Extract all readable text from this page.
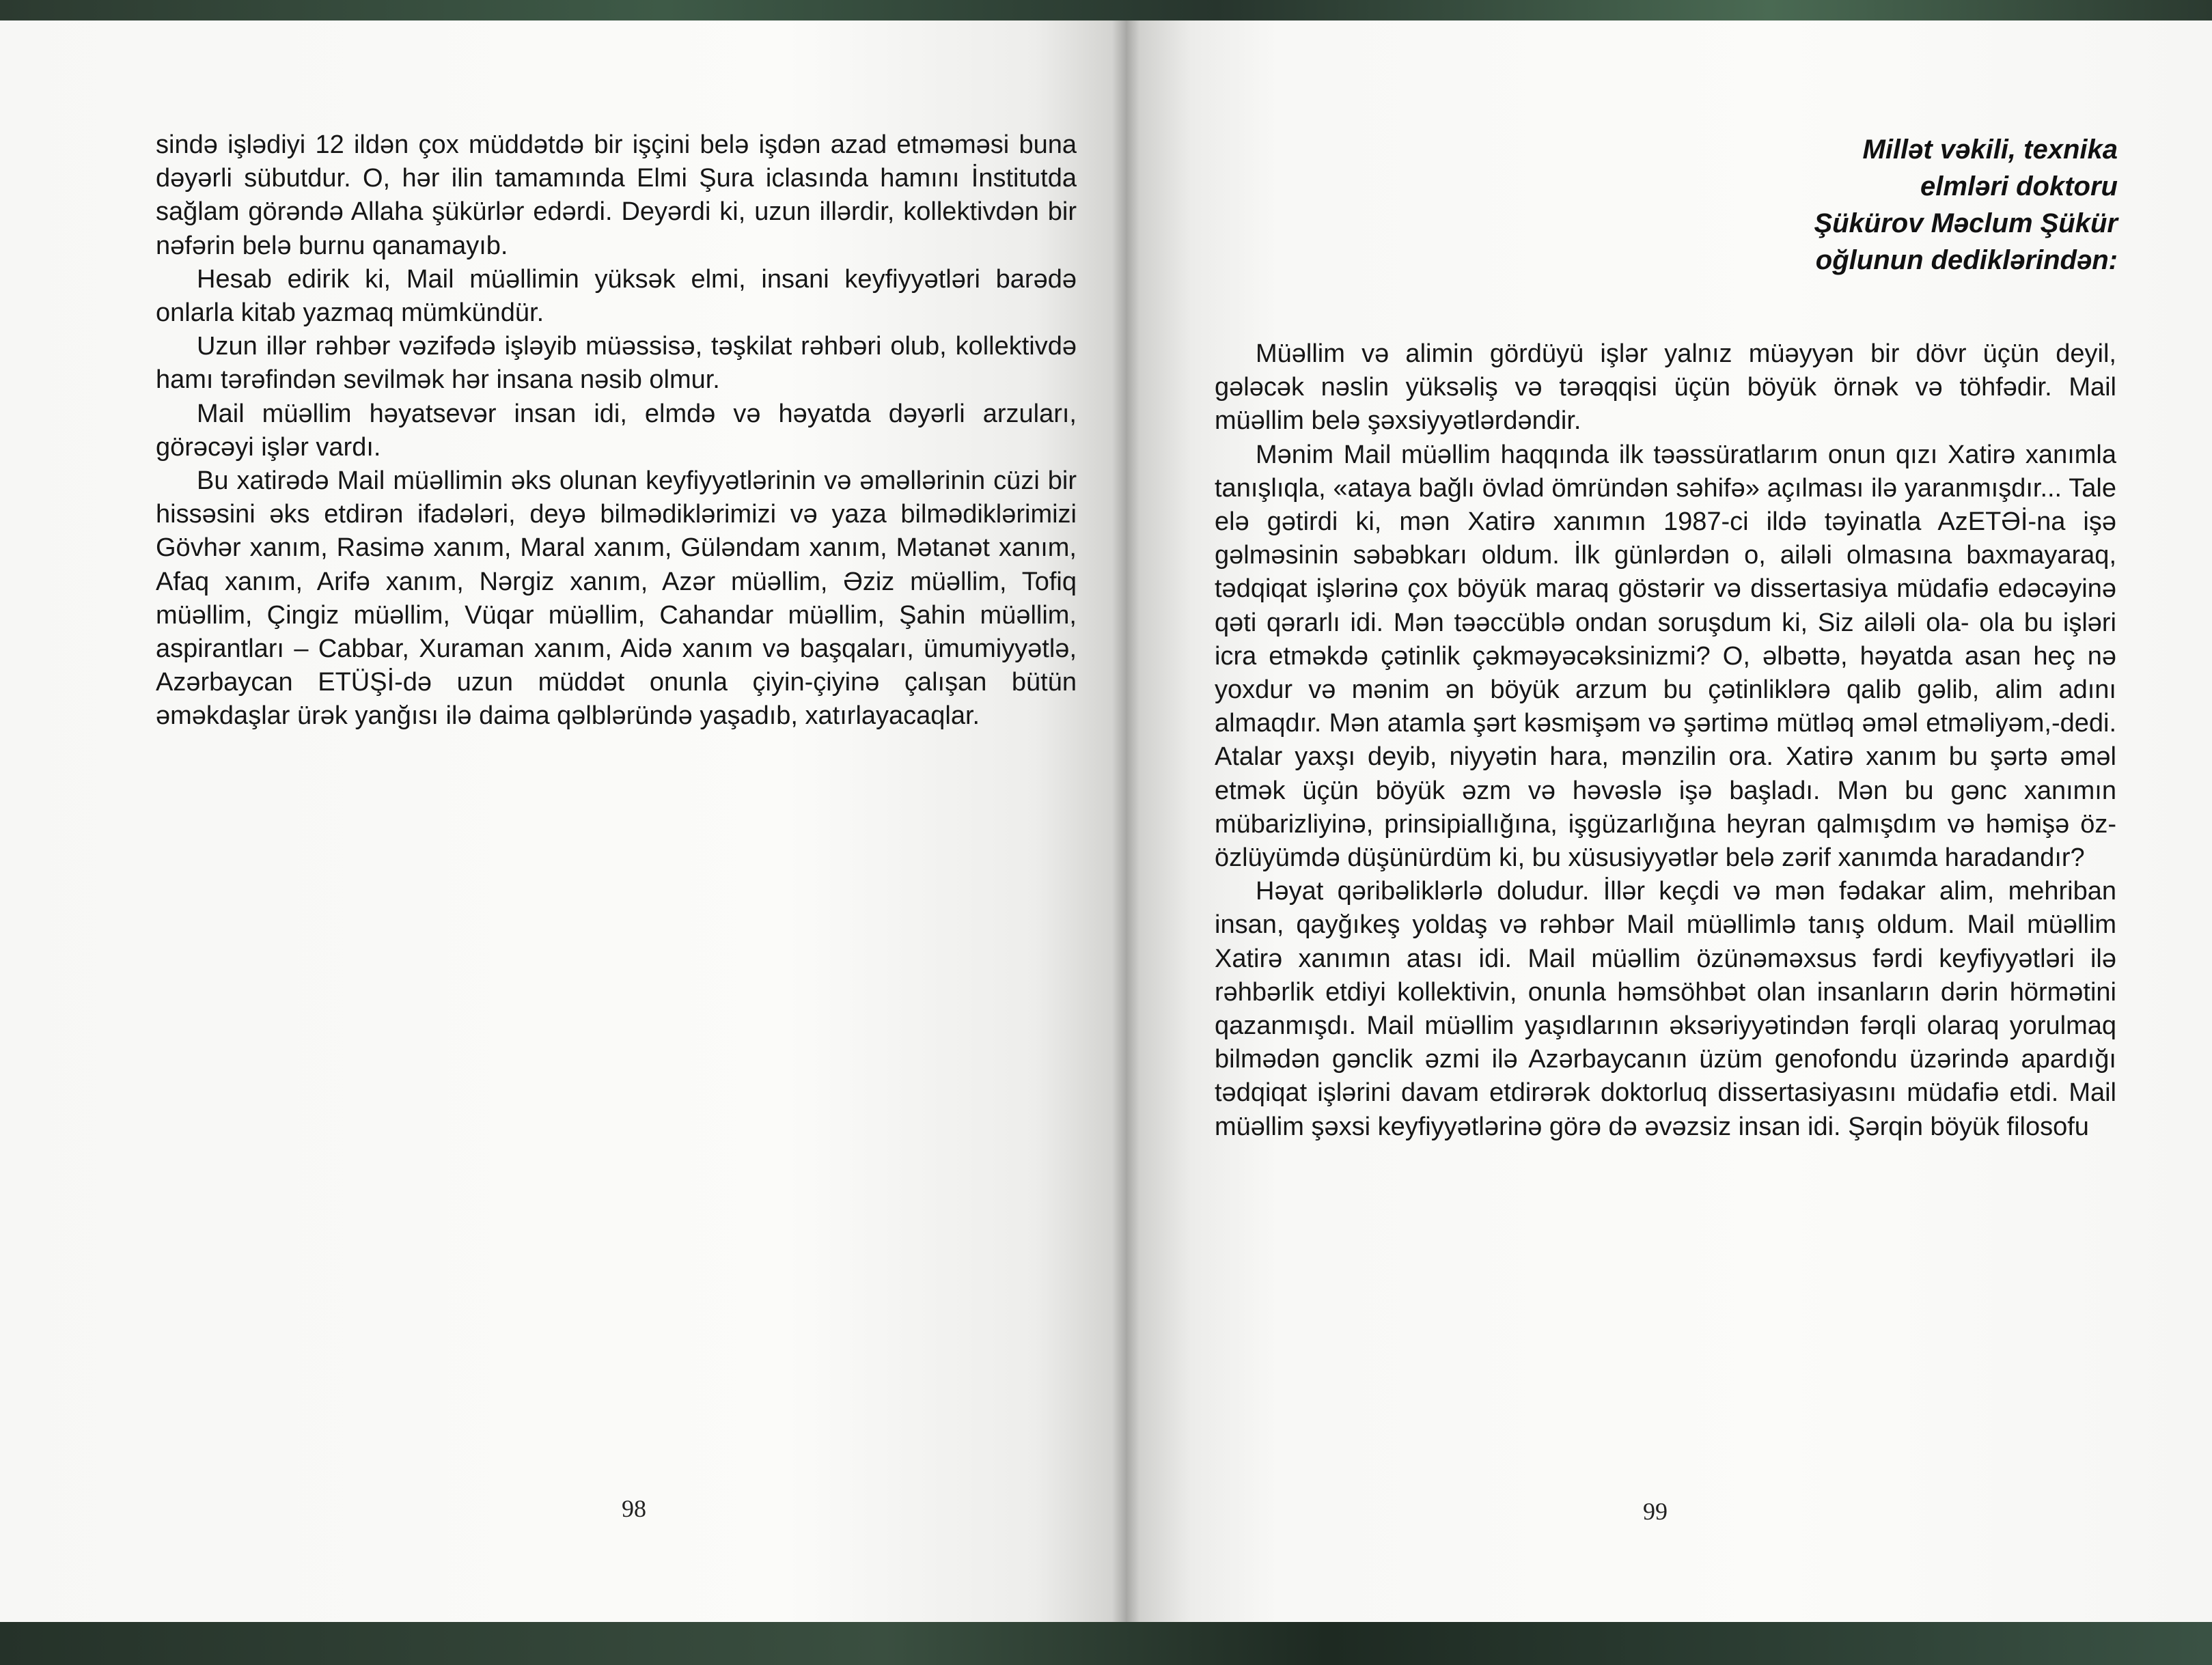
sində işlədiyi 12 ildən çox müddətdə bir işçini belə işdən azad etməməsi buna dəyərli sübutdur. O, hər ilin tamamında Elmi Şura iclasında hamını İnstitutda sağlam görəndə Allaha şükürlər edərdi. Deyərdi ki, uzun illərdir, kollektivdən bir nəfərin belə burnu qanamayıb.

Hesab edirik ki, Mail müəllimin yüksək elmi, insani keyfiyyətləri barədə onlarla kitab yazmaq mümkündür.

Uzun illər rəhbər vəzifədə işləyib müəssisə, təşkilat rəhbəri olub, kollektivdə hamı tərəfindən sevilmək hər insana nəsib olmur.

Mail müəllim həyatsevər insan idi, elmdə və həyatda dəyərli arzuları, görəcəyi işlər vardı.

Bu xatirədə Mail müəllimin əks olunan keyfiyyətlərinin və əməllərinin cüzi bir hissəsini əks etdirən ifadələri, deyə bilmədiklərimizi və yaza bilmədiklərimizi Gövhər xanım, Rasimə xanım, Maral xanım, Güləndam xanım, Mətanət xanım, Afaq xanım, Arifə xanım, Nərgiz xanım, Azər müəllim, Əziz müəllim, Tofiq müəllim, Çingiz müəllim, Vüqar müəllim, Cahandar müəllim, Şahin müəllim, aspirantları – Cabbar, Xuraman xanım, Aidə xanım və başqaları, ümumiyyətlə, Azərbaycan ETÜŞİ-də uzun müddət onunla çiyin-çiyinə çalışan bütün əməkdaşlar ürək yanğısı ilə daima qəlbləründə yaşadıb, xatırlayacaqlar.

98
Millət vəkili, texnika
elmləri doktoru
Şükürov Məclum Şükür
oğlunun dediklərindən:

Müəllim və alimin gördüyü işlər yalnız müəyyən bir dövr üçün deyil, gələcək nəslin yüksəliş və tərəqqisi üçün böyük örnək və töhfədir. Mail müəllim belə şəxsiyyətlərdəndir.

Mənim Mail müəllim haqqında ilk təəssüratlarım onun qızı Xatirə xanımla tanışlıqla, «ataya bağlı övlad ömründən səhifə» açılması ilə yaranmışdır... Tale elə gətirdi ki, mən Xatirə xanımın 1987-ci ildə təyinatla AzETƏİ-na işə gəlməsinin səbəbkarı oldum. İlk günlərdən o, ailəli olmasına baxmayaraq, tədqiqat işlərinə çox böyük maraq göstərir və dissertasiya müdafiə edəcəyinə qəti qərarlı idi. Mən təəccüblə ondan soruşdum ki, Siz ailəli ola- ola bu işləri icra etməkdə çətinlik çəkməyəcəksinizmi? O, əlbəttə, həyatda asan heç nə yoxdur və mənim ən böyük arzum bu çətinliklərə qalib gəlib, alim adını almaqdır. Mən atamla şərt kəsmişəm və şərtimə mütləq əməl etməliyəm,-dedi. Atalar yaxşı deyib, niyyətin hara, mənzilin ora. Xatirə xanım bu şərtə əməl etmək üçün böyük əzm və həvəslə işə başladı. Mən bu gənc xanımın mübarizliyinə, prinsipiallığına, işgüzarlığına heyran qalmışdım və həmişə öz-özlüyümdə düşünürdüm ki, bu xüsusiyyətlər belə zərif xanımda haradandır?

Həyat qəribəliklərlə doludur. İllər keçdi və mən fədakar alim, mehriban insan, qayğıkeş yoldaş və rəhbər Mail müəllimlə tanış oldum. Mail müəllim Xatirə xanımın atası idi. Mail müəllim özünəməxsus fərdi keyfiyyətləri ilə rəhbərlik etdiyi kollektivin, onunla həmsöhbət olan insanların dərin hörmətini qazanmışdı. Mail müəllim yaşıdlarının əksəriyyətindən fərqli olaraq yorulmaq bilmədən gənclik əzmi ilə Azərbaycanın üzüm genofondu üzərində apardığı tədqiqat işlərini davam etdirərək doktorluq dissertasiyasını müdafiə etdi. Mail müəllim şəxsi keyfiyyətlərinə görə də əvəzsiz insan idi. Şərqin böyük filosofu

99
